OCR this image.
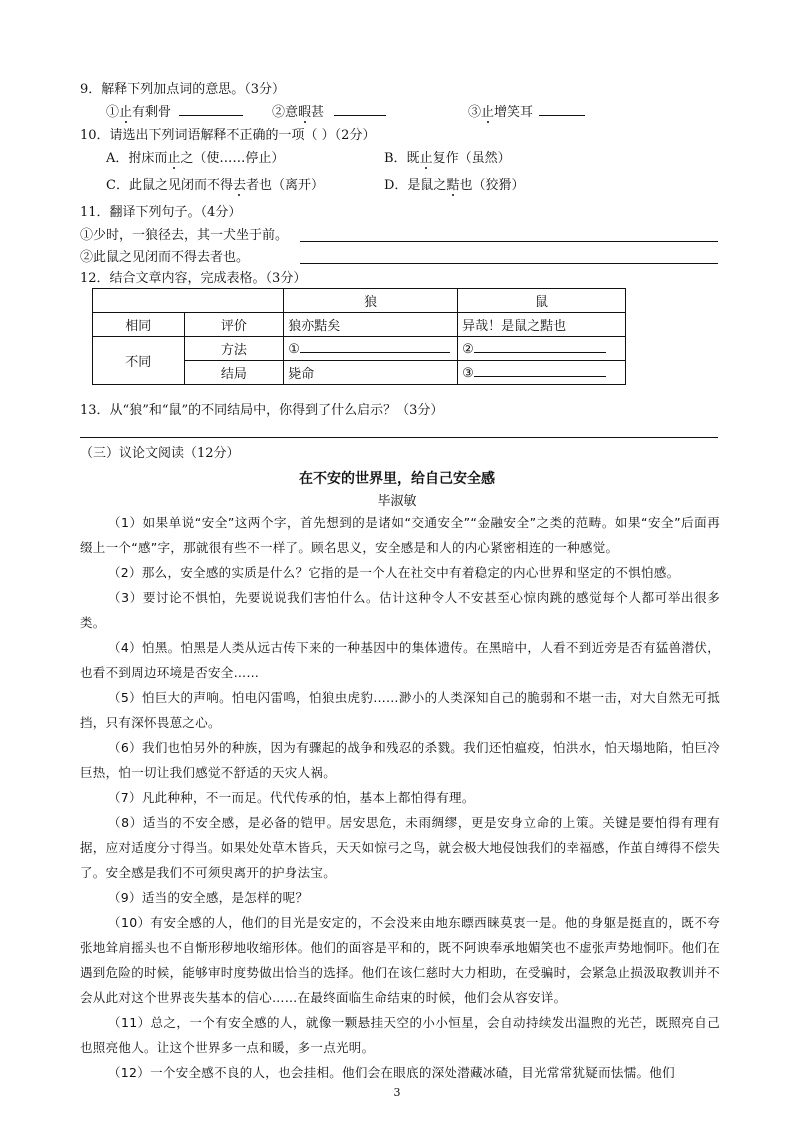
9．解释下列加点词的意思。（3分）
①止有剩骨	②意暇甚	③止增笑耳
10．请选出下列词语解释不正确的一项（ ）（2分）
A．拊床而止之（使……停止）	B．既止复作（虽然）
C．此鼠之见闭而不得去者也（离开）	D．是鼠之黠也（狡猾）
11．翻译下列句子。（4分）
①少时，一狼径去，其一犬坐于前。
②此鼠之见闭而不得去者也。
12．结合文章内容，完成表格。（3分）
		狼	鼠
相同	评价	狼亦黠矣	异哉！是鼠之黠也
不同	方法	①	②
	结局	毙命	③
13．从“狼”和“鼠”的不同结局中，你得到了什么启示？（3分）
（三）议论文阅读（12分）
在不安的世界里，给自己安全感
毕淑敏
（1）如果单说“安全”这两个字，首先想到的是诸如“交通安全”“金融安全”之类的范畴。如果“安全”后面再缀上一个“感”字，那就很有些不一样了。顾名思义，安全感是和人的内心紧密相连的一种感觉。
（2）那么，安全感的实质是什么？它指的是一个人在社交中有着稳定的内心世界和坚定的不惧怕感。
（3）要讨论不惧怕，先要说说我们害怕什么。估计这种令人不安甚至心惊肉跳的感觉每个人都可举出很多类。
（4）怕黑。怕黑是人类从远古传下来的一种基因中的集体遗传。在黑暗中，人看不到近旁是否有猛兽潜伏，也看不到周边环境是否安全……
（5）怕巨大的声响。怕电闪雷鸣，怕狼虫虎豹……渺小的人类深知自己的脆弱和不堪一击，对大自然无可抵挡，只有深怀畏葸之心。
（6）我们也怕另外的种族，因为有骤起的战争和残忍的杀戮。我们还怕瘟疫，怕洪水，怕天塌地陷，怕巨冷巨热，怕一切让我们感觉不舒适的天灾人祸。
（7）凡此种种，不一而足。代代传承的怕，基本上都怕得有理。
（8）适当的不安全感，是必备的铠甲。居安思危，未雨绸缪，更是安身立命的上策。关键是要怕得有理有据，应对适度分寸得当。如果处处草木皆兵，天天如惊弓之鸟，就会极大地侵蚀我们的幸福感，作茧自缚得不偿失了。安全感是我们不可须臾离开的护身法宝。
（9）适当的安全感，是怎样的呢？
（10）有安全感的人，他们的目光是安定的，不会没来由地东瞟西睐莫衷一是。他的身躯是挺直的，既不夸张地耸肩摇头也不自惭形秽地收缩形体。他们的面容是平和的，既不阿谀奉承地媚笑也不虚张声势地恫吓。他们在遇到危险的时候，能够审时度势做出恰当的选择。他们在该仁慈时大力相助，在受骗时，会紧急止损汲取教训并不会从此对这个世界丧失基本的信心……在最终面临生命结束的时候，他们会从容安详。
（11）总之，一个有安全感的人，就像一颗悬挂天空的小小恒星，会自动持续发出温煦的光芒，既照亮自己也照亮他人。让这个世界多一点和暖，多一点光明。
（12）一个安全感不良的人，也会挂相。他们会在眼底的深处潜藏冰碴，目光常常犹疑而怯懦。他们
3
